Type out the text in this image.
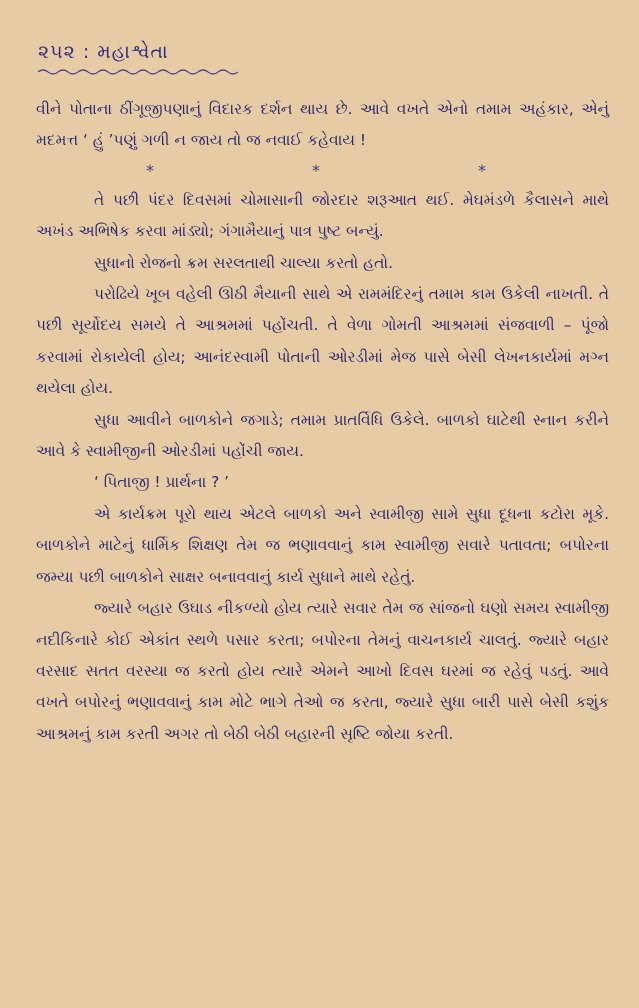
૨૫૨ : મહાશ્વેતા

વીને પોતાના ઠીંગૂજીપણાનું વિદારક દર્શન થાય છે. આવે વખતે એનો તમામ અહંકાર, એનું મદમત્ત ‘ હું ’પણું ગળી ન જાય તો જ નવાઈ કહેવાય !

*	*	*

તે પછી પંદર દિવસમાં ચોમાસાની જોરદાર શરૂઆત થઈ. મેઘમંડળે કૈલાસને માથે અખંડ અભિષેક કરવા માંડ્યો; ગંગામૈયાનું પાત્ર પુષ્ટ બન્યું.

સુધાનો રોજનો ક્રમ સરલતાથી ચાલ્યા કરતો હતો.

પરોઢિયે ખૂબ વહેલી ઊઠી મૈયાની સાથે એ રામમંદિરનું તમામ કામ ઉકેલી નાખતી. તે પછી સૂર્યોદય સમયે તે આશ્રમમાં પહોંચતી. તે વેળા ગોમતી આશ્રમમાં સંજવાળી – પૂંજો કરવામાં રોકાયેલી હોય; આનંદસ્વામી પોતાની ઓરડીમાં મેજ પાસે બેસી લેખનકાર્યમાં મગ્ન થયેલા હોય.

સુધા આવીને બાળકોને જગાડે; તમામ પ્રાતર્વિધિ ઉકેલે. બાળકો ઘાટેથી સ્નાન કરીને આવે કે સ્વામીજીની ઓરડીમાં પહોંચી જાય.

‘ પિતાજી ! પ્રાર્થના ? ’

એ કાર્યક્રમ પૂરો થાય એટલે બાળકો અને સ્વામીજી સામે સુધા દૂધના કટોરા મૂકે. બાળકોને માટેનું ધાર્મિક શિક્ષણ તેમ જ ભણાવવાનું કામ સ્વામીજી સવારે પતાવતા; બપોરના જમ્યા પછી બાળકોને સાક્ષર બનાવવાનું કાર્ય સુધાને માથે રહેતું.

જ્યારે બહાર ઉઘાડ નીકળ્યો હોય ત્યારે સવાર તેમ જ સાંજનો ઘણો સમય સ્વામીજી નદીકિનારે કોઈ એકાંત સ્થળે પસાર કરતા; બપોરના તેમનું વાચનકાર્ય ચાલતું. જ્યારે બહાર વરસાદ સતત વરસ્યા જ કરતો હોય ત્યારે એમને આખો દિવસ ઘરમાં જ રહેવું પડતું. આવે વખતે બપોરનું ભણાવવાનું કામ મોટે ભાગે તેઓ જ કરતા, જ્યારે સુધા બારી પાસે બેસી કશુંક આશ્રમનું કામ કરતી અગર તો બેઠી બેઠી બહારની સૃષ્ટિ જોયા કરતી.
